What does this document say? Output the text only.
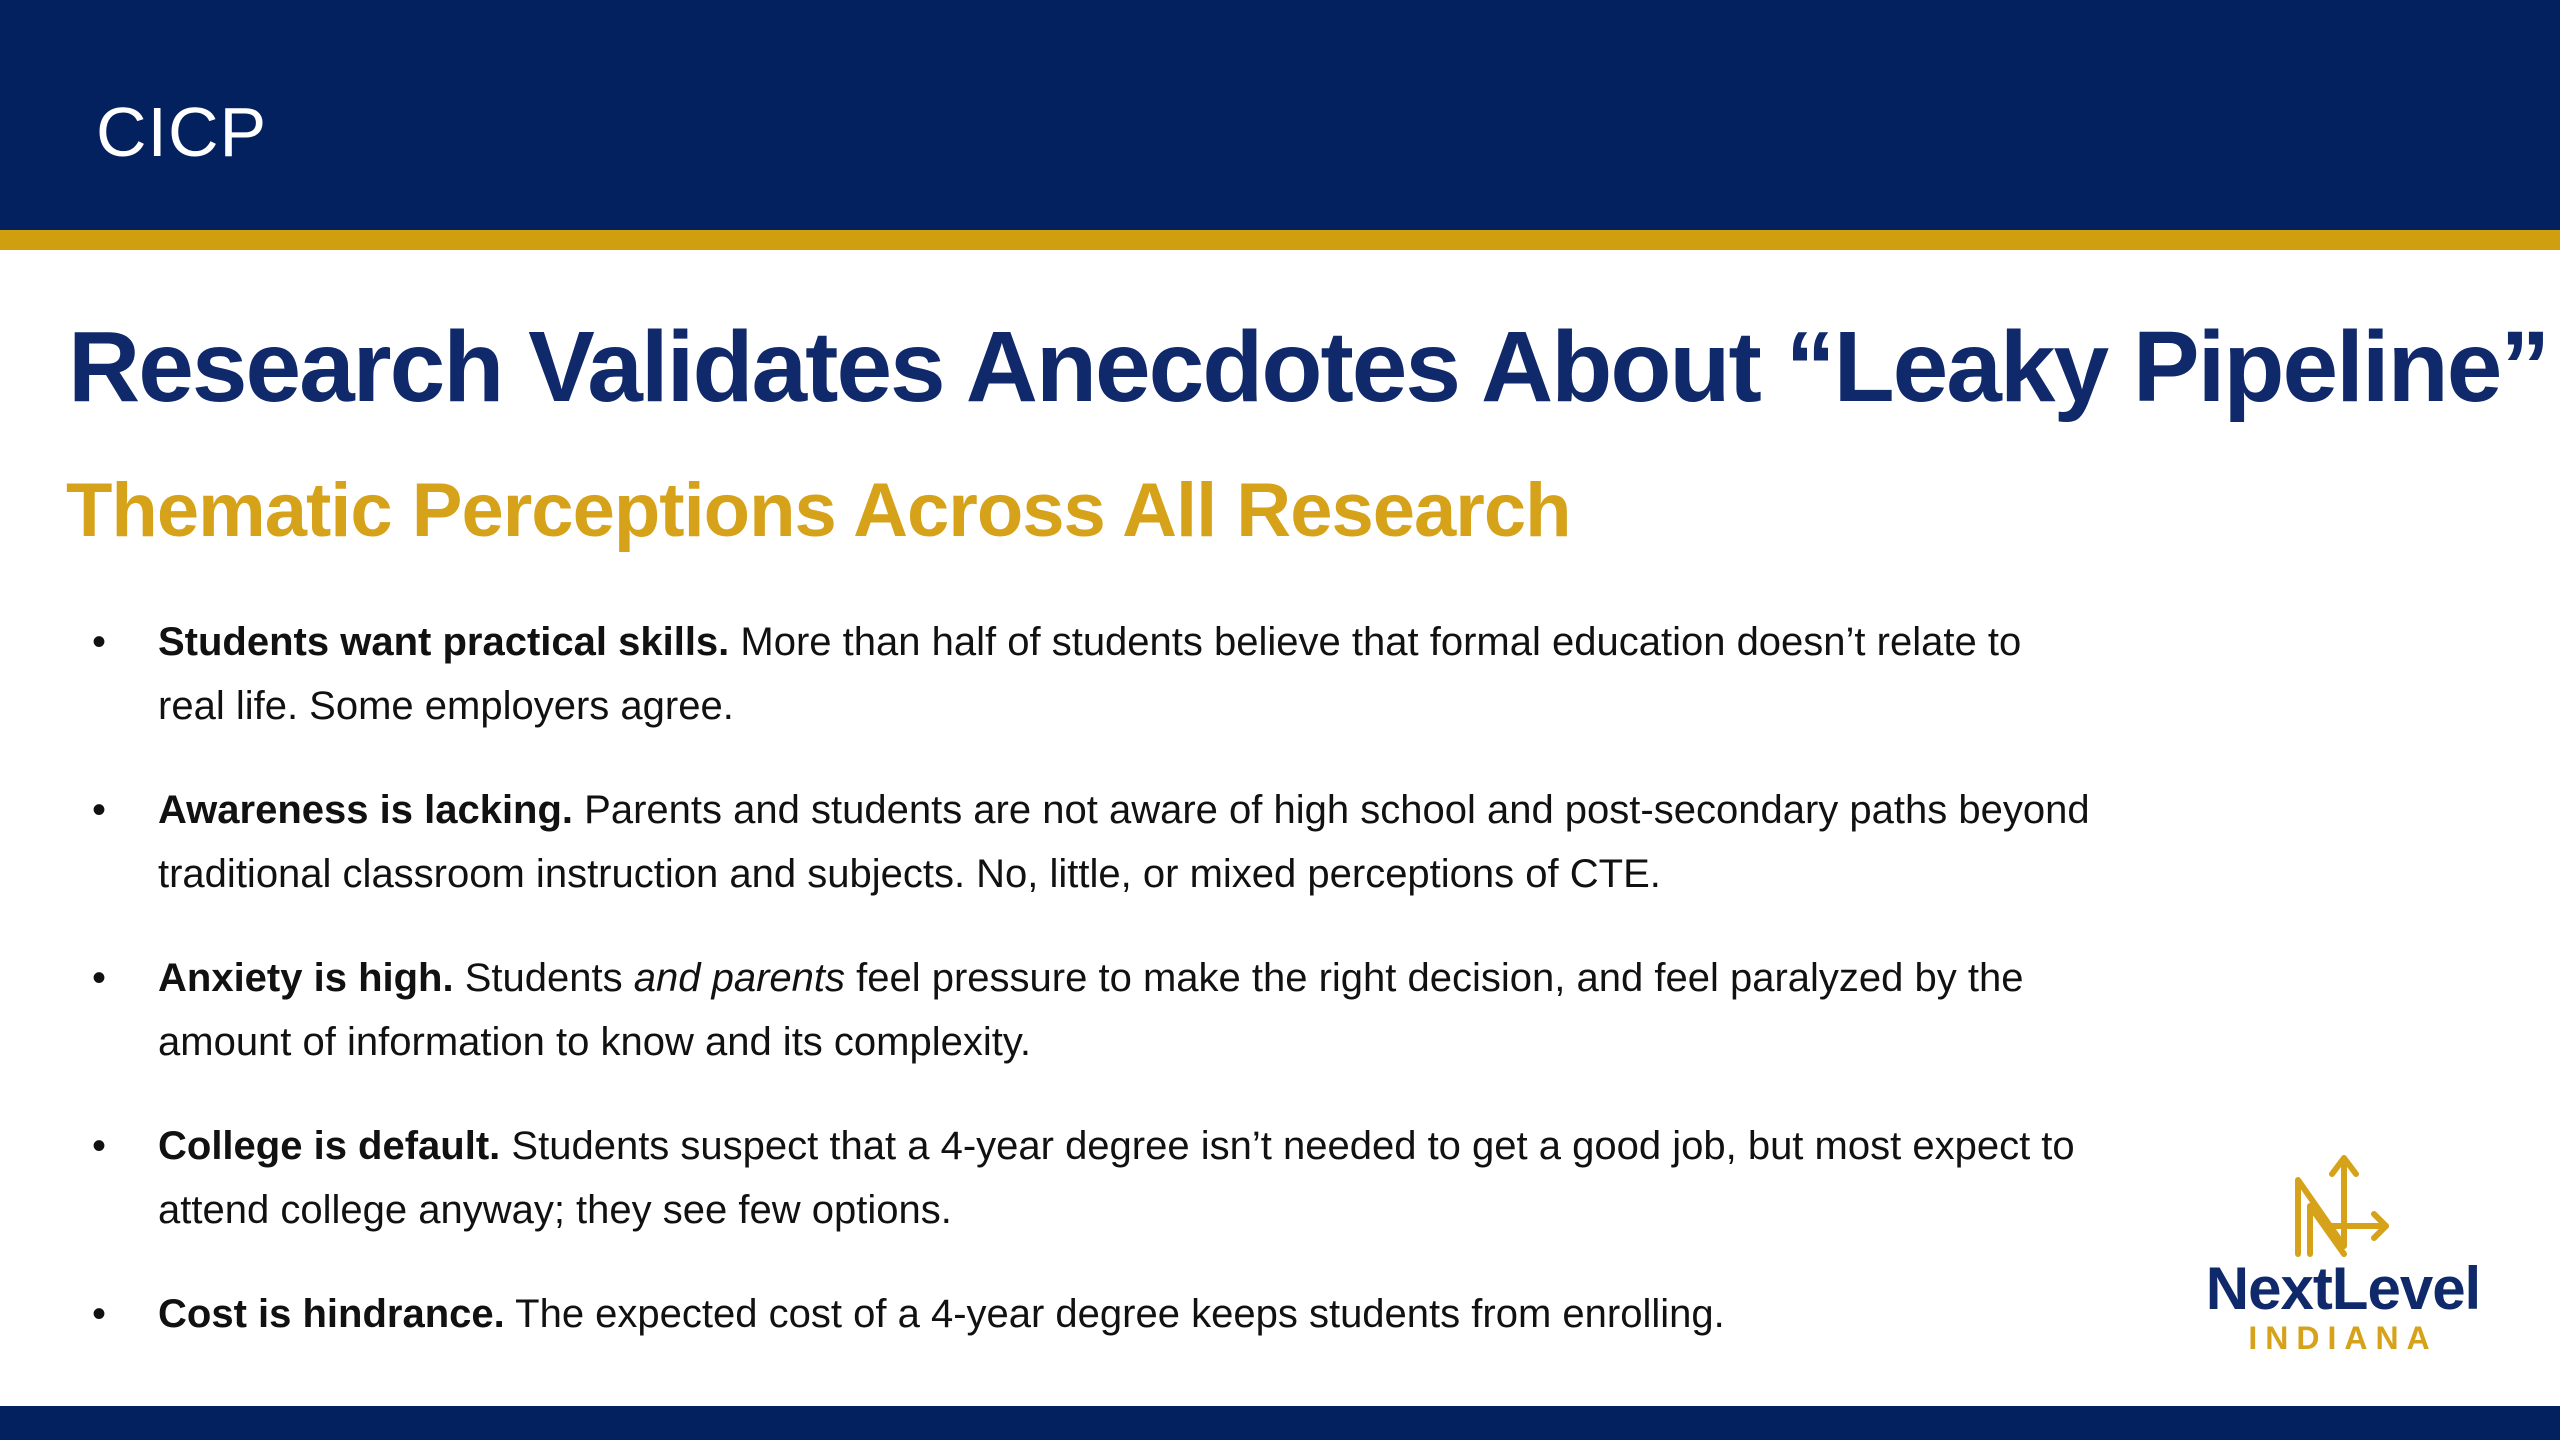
CICP
Research Validates Anecdotes About “Leaky Pipeline”
Thematic Perceptions Across All Research
•	Students want practical skills. More than half of students believe that formal education doesn’t relate to real life. Some employers agree.
•	Awareness is lacking. Parents and students are not aware of high school and post-secondary paths beyond traditional classroom instruction and subjects. No, little, or mixed perceptions of CTE.
•	Anxiety is high. Students and parents feel pressure to make the right decision, and feel paralyzed by the amount of information to know and its complexity.
•	College is default. Students suspect that a 4-year degree isn’t needed to get a good job, but most expect to attend college anyway; they see few options.
•	Cost is hindrance. The expected cost of a 4-year degree keeps students from enrolling.	NextLevel
INDIANA
